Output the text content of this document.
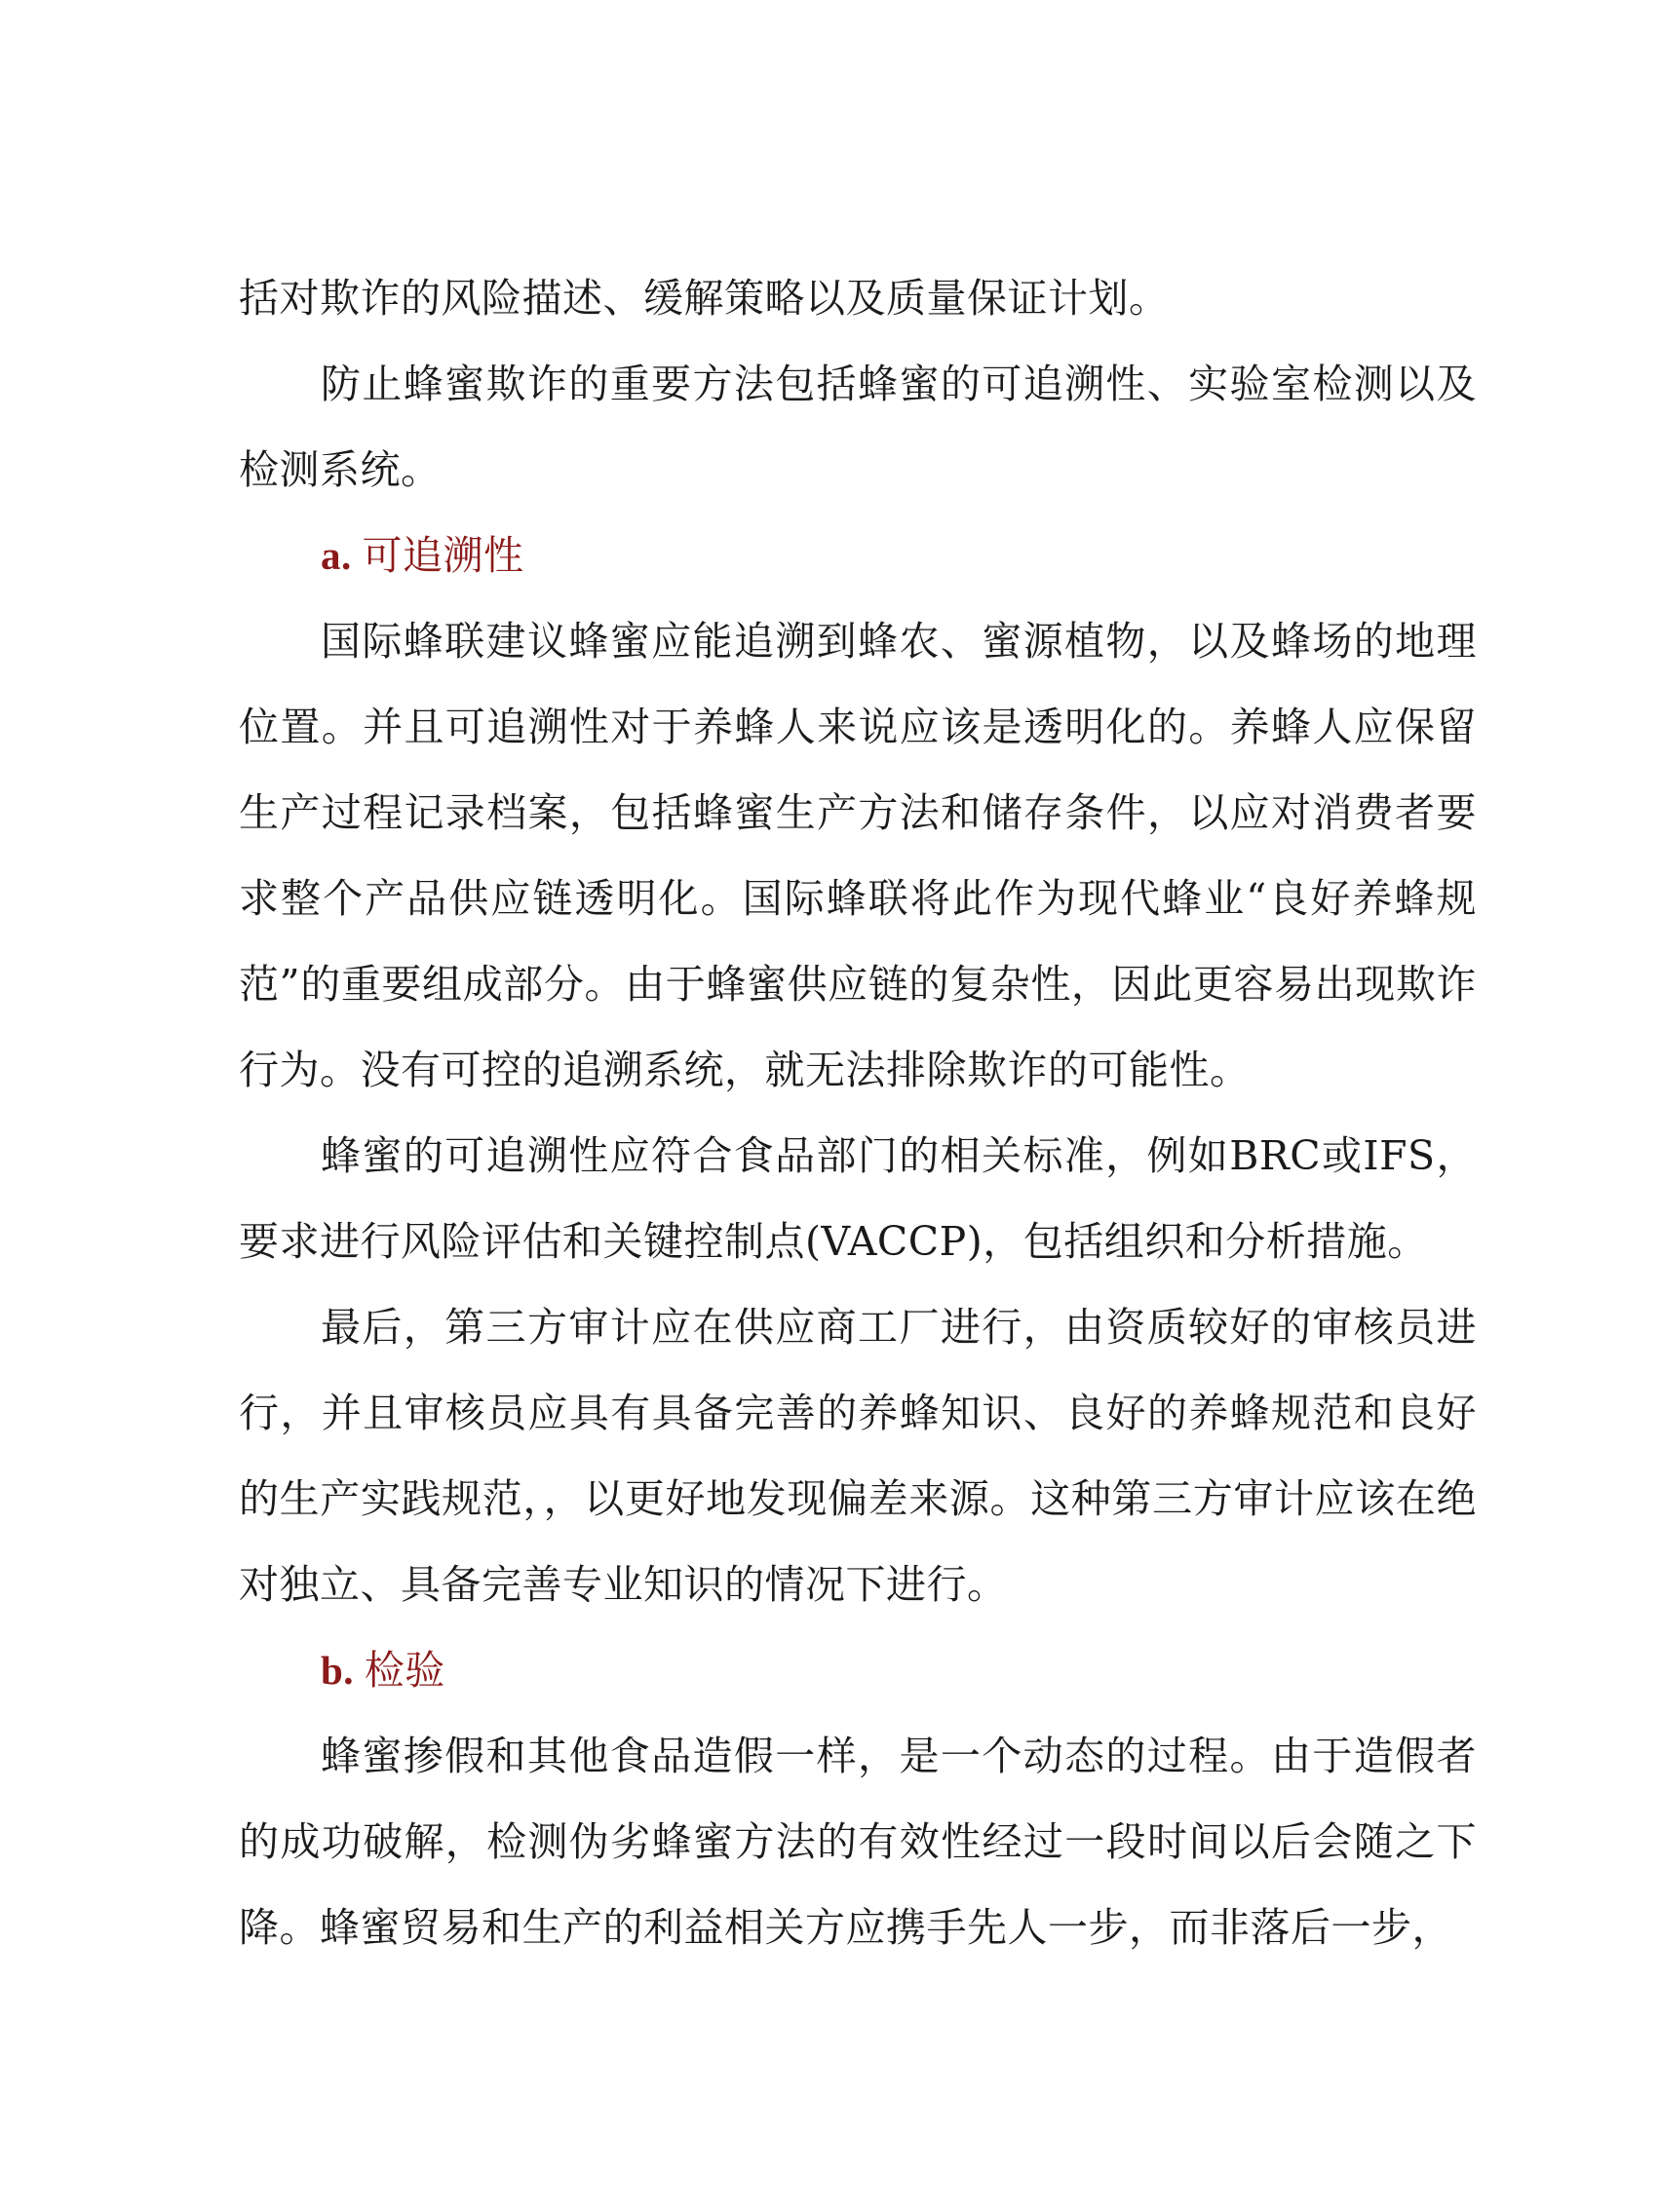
括对欺诈的风险描述、缓解策略以及质量保证计划。

防止蜂蜜欺诈的重要方法包括蜂蜜的可追溯性、实验室检测以及检测系统。

a. 可追溯性

国际蜂联建议蜂蜜应能追溯到蜂农、蜜源植物，以及蜂场的地理位置。并且可追溯性对于养蜂人来说应该是透明化的。养蜂人应保留生产过程记录档案，包括蜂蜜生产方法和储存条件，以应对消费者要求整个产品供应链透明化。国际蜂联将此作为现代蜂业“良好养蜂规范”的重要组成部分。由于蜂蜜供应链的复杂性，因此更容易出现欺诈行为。没有可控的追溯系统，就无法排除欺诈的可能性。

蜂蜜的可追溯性应符合食品部门的相关标准，例如BRC或IFS，要求进行风险评估和关键控制点(VACCP)，包括组织和分析措施。

最后，第三方审计应在供应商工厂进行，由资质较好的审核员进行，并且审核员应具有具备完善的养蜂知识、良好的养蜂规范和良好的生产实践规范，，以更好地发现偏差来源。这种第三方审计应该在绝对独立、具备完善专业知识的情况下进行。

b. 检验

蜂蜜掺假和其他食品造假一样，是一个动态的过程。由于造假者的成功破解，检测伪劣蜂蜜方法的有效性经过一段时间以后会随之下降。蜂蜜贸易和生产的利益相关方应携手先人一步，而非落后一步，
